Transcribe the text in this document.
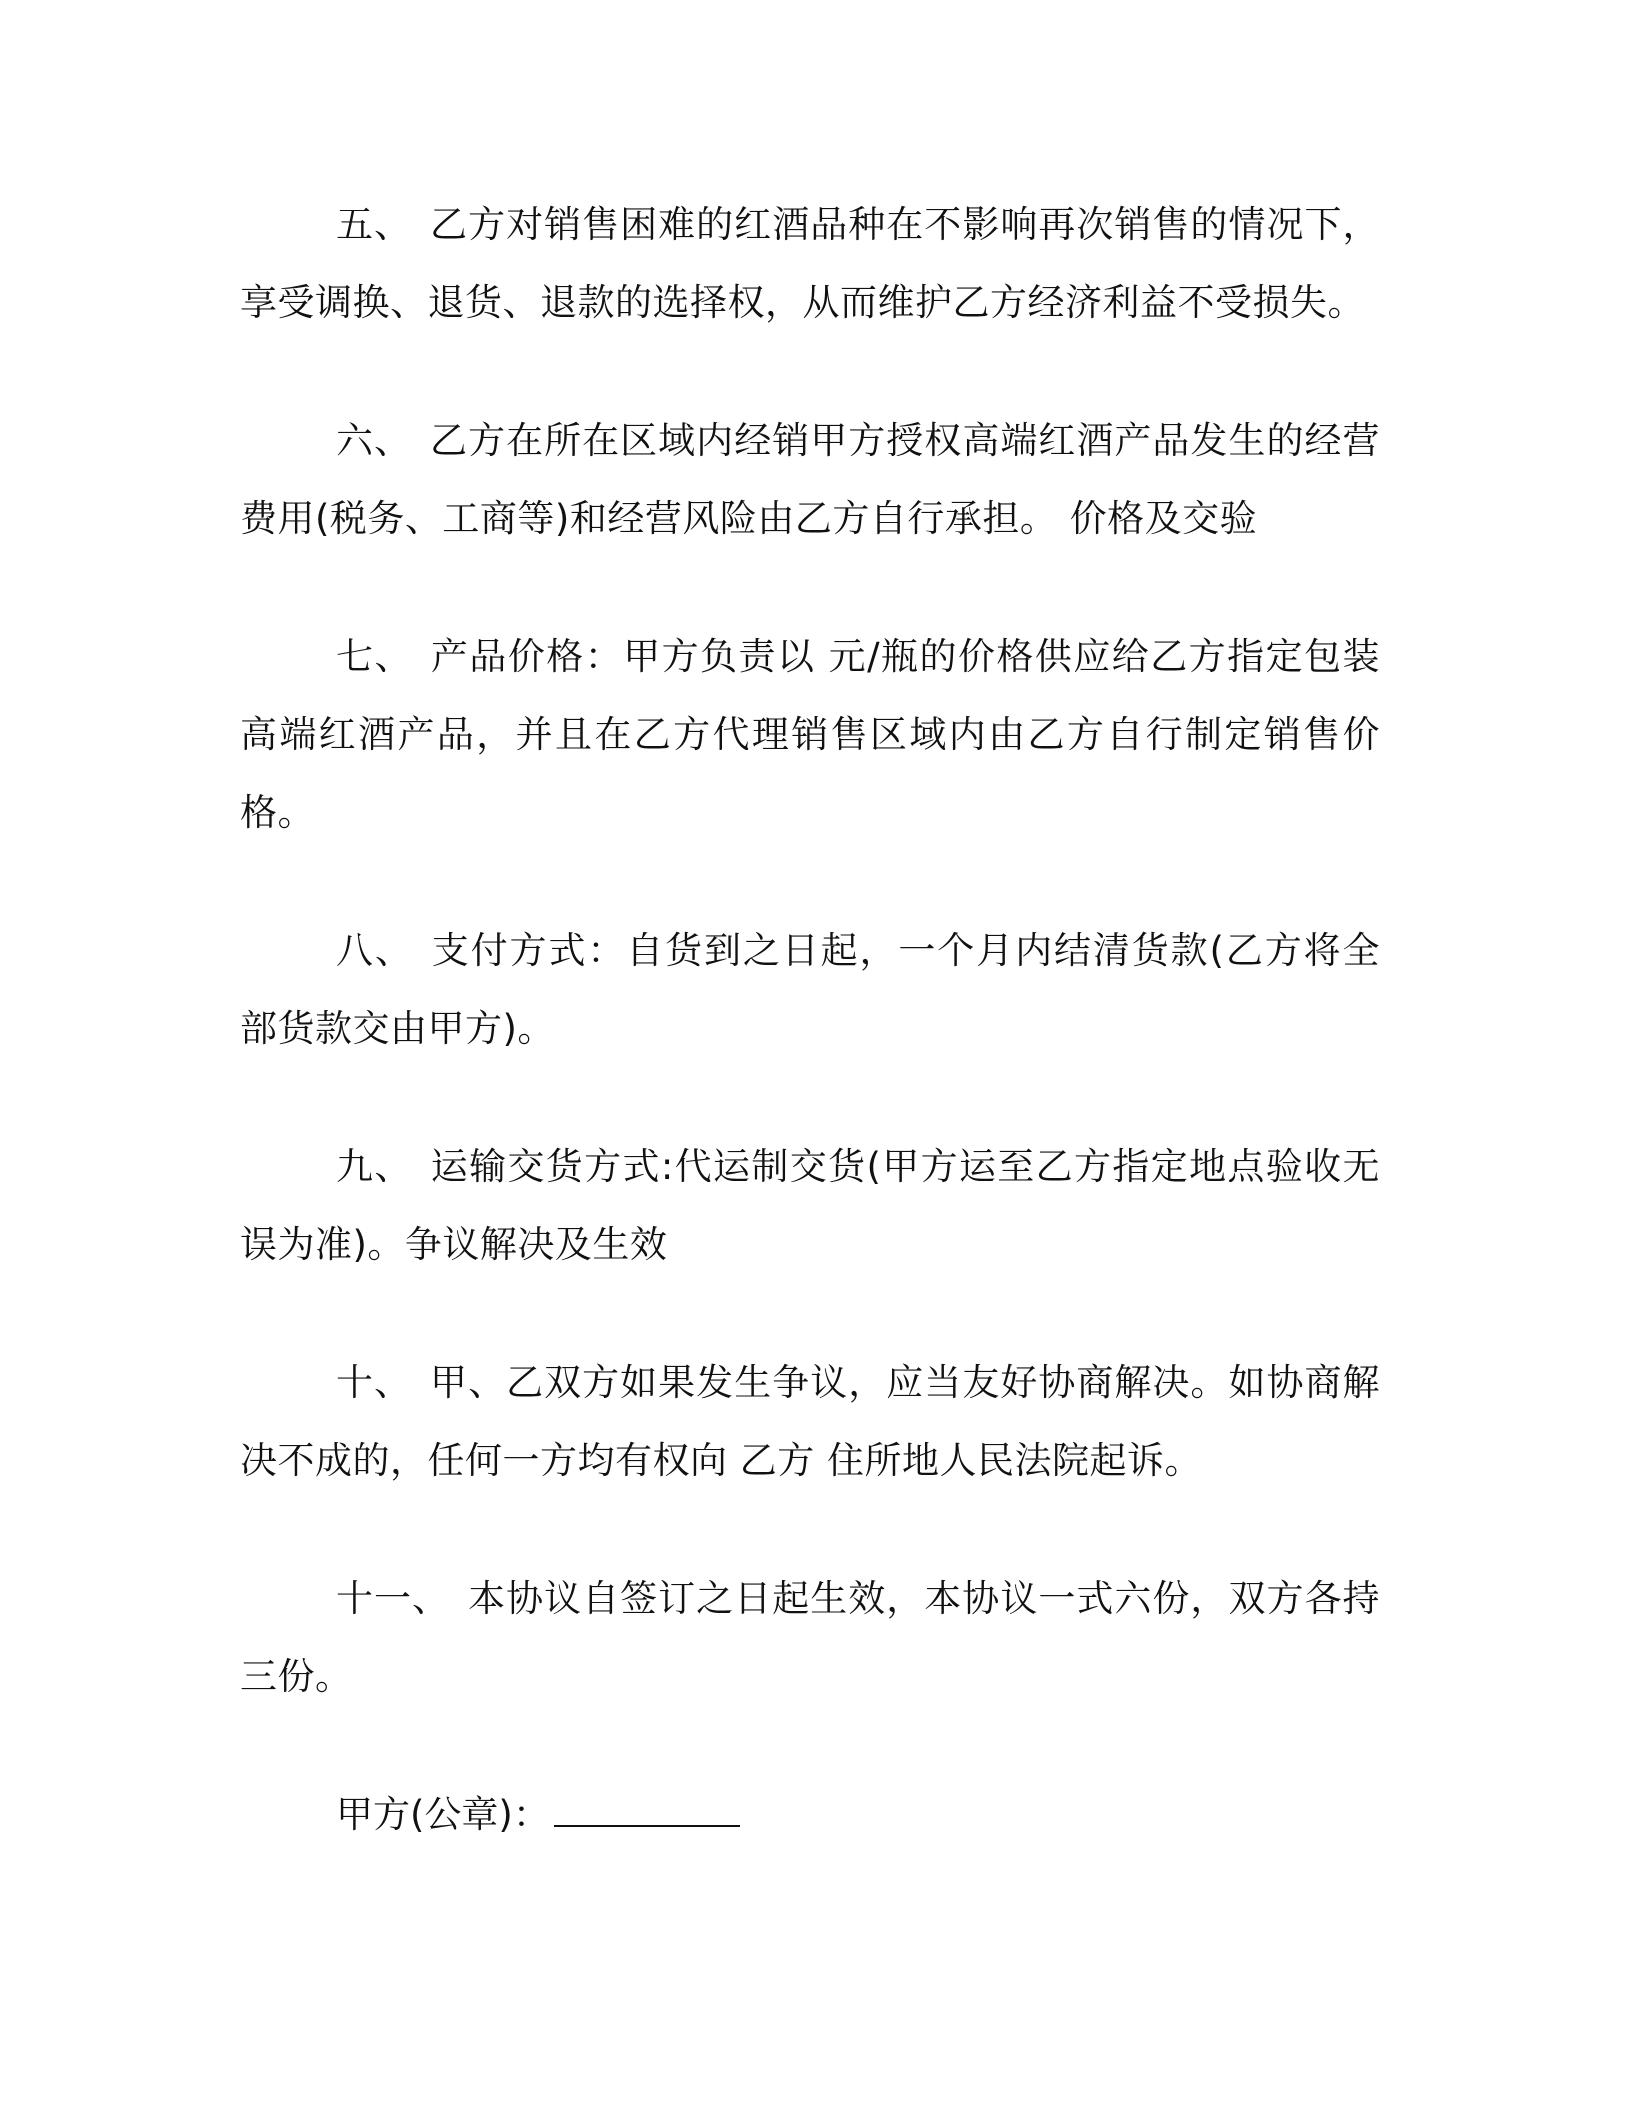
五、 乙方对销售困难的红酒品种在不影响再次销售的情况下，享受调换、退货、退款的选择权，从而维护乙方经济利益不受损失。

六、 乙方在所在区域内经销甲方授权高端红酒产品发生的经营费用(税务、工商等)和经营风险由乙方自行承担。 价格及交验

七、 产品价格：甲方负责以 元/瓶的价格供应给乙方指定包装高端红酒产品，并且在乙方代理销售区域内由乙方自行制定销售价格。

八、 支付方式：自货到之日起，一个月内结清货款(乙方将全部货款交由甲方)。

九、 运输交货方式:代运制交货(甲方运至乙方指定地点验收无误为准)。争议解决及生效

十、 甲、乙双方如果发生争议，应当友好协商解决。如协商解决不成的，任何一方均有权向 乙方 住所地人民法院起诉。

十一、 本协议自签订之日起生效，本协议一式六份，双方各持三份。

甲方(公章)：
